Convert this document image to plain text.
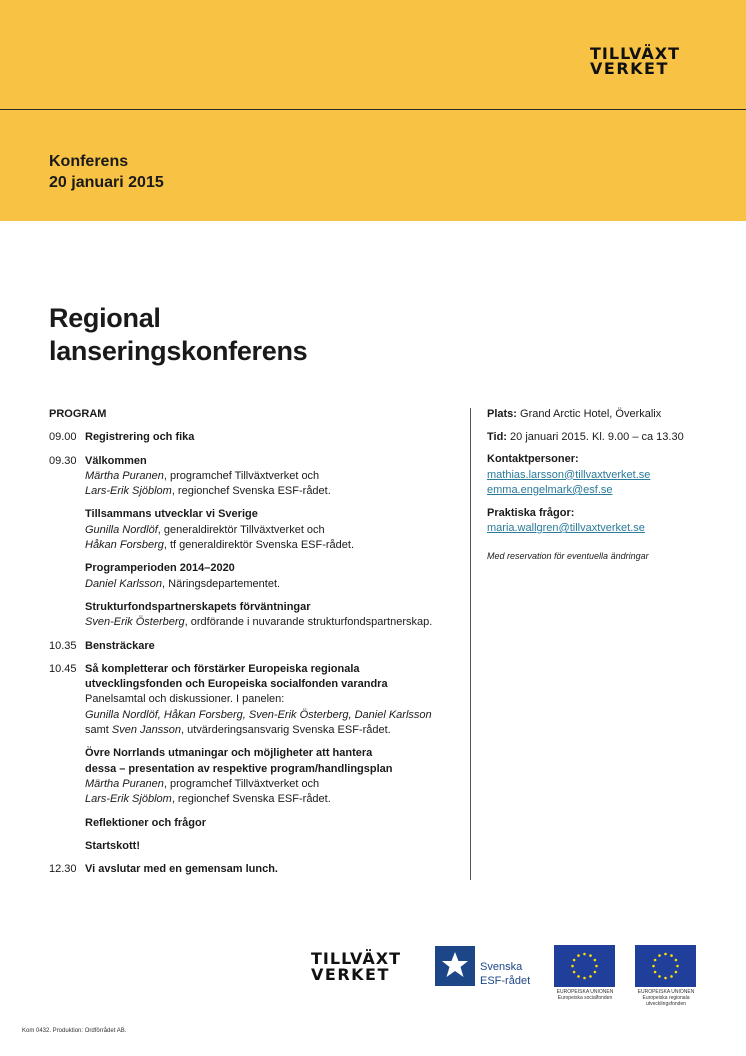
TILLVÄXT
VERKET
Konferens
20 januari 2015
Regional
lanseringskonferens
PROGRAM
09.00 Registrering och fika
09.30 Välkommen
Märtha Puranen, programchef Tillväxtverket och
Lars-Erik Sjöblom, regionchef Svenska ESF-rådet.
Tillsammans utvecklar vi Sverige
Gunilla Nordlöf, generaldirektör Tillväxtverket och
Håkan Forsberg, tf generaldirektör Svenska ESF-rådet.
Programperioden 2014–2020
Daniel Karlsson, Näringsdepartementet.
Strukturfondspartnerskapets förväntningar
Sven-Erik Österberg, ordförande i nuvarande strukturfondspartnerskap.
10.35 Bensträckare
10.45 Så kompletterar och förstärker Europeiska regionala
utvecklingsfonden och Europeiska socialfonden varandra
Panelsamtal och diskussioner. I panelen:
Gunilla Nordlöf, Håkan Forsberg, Sven-Erik Österberg, Daniel Karlsson
samt Sven Jansson, utvärderingsansvarig Svenska ESF-rådet.
Övre Norrlands utmaningar och möjligheter att hantera
dessa – presentation av respektive program/handlingsplan
Märtha Puranen, programchef Tillväxtverket och
Lars-Erik Sjöblom, regionchef Svenska ESF-rådet.
Reflektioner och frågor
Startskott!
12.30 Vi avslutar med en gemensam lunch.

Plats: Grand Arctic Hotel, Överkalix

Tid: 20 januari 2015. Kl. 9.00 – ca 13.30

Kontaktpersoner:
mathias.larsson@tillvaxtverket.se
emma.engelmark@esf.se

Praktiska frågor:
maria.wallgren@tillvaxtverket.se

Med reservation för eventuella ändringar

TILLVÄXT
VERKET	Svenska
ESF-rådet
EUROPEISKA UNIONEN
Europeiska socialfonden
EUROPEISKA UNIONEN
Europeiska regionala
utvecklingsfonden
Kom 0432. Produktion: Ordförrådet AB.
